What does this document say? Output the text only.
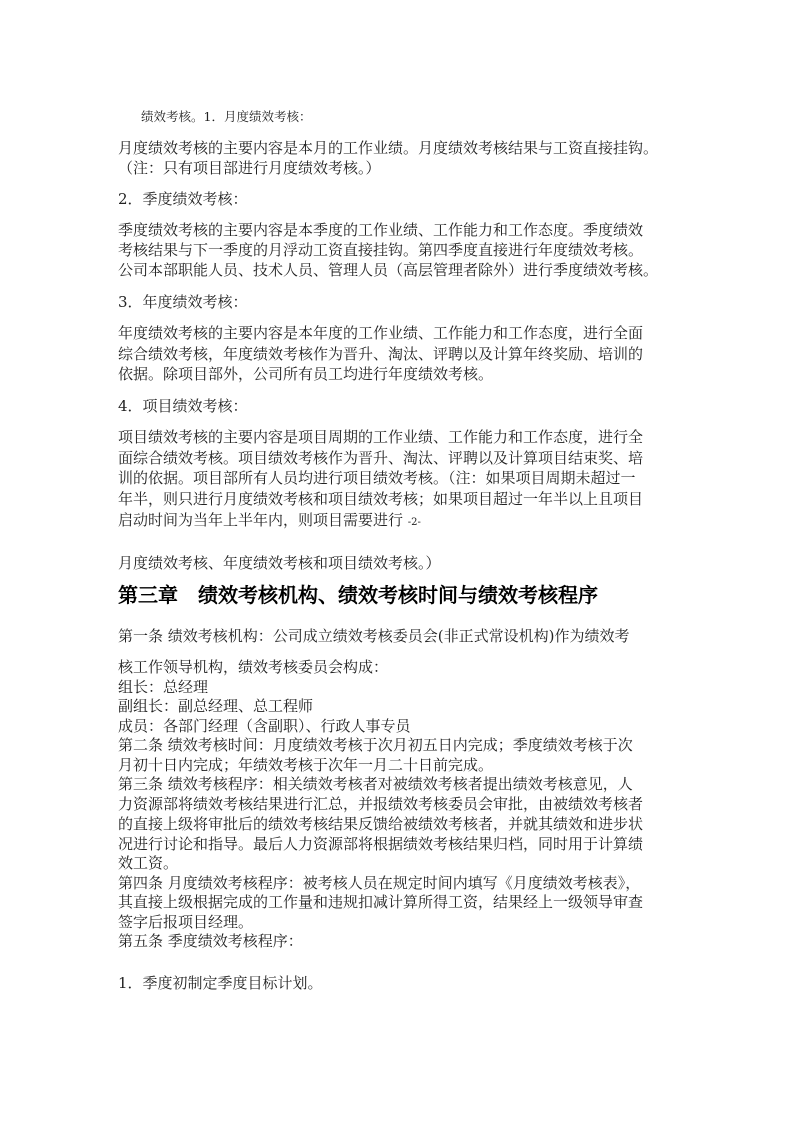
绩效考核。1．月度绩效考核：
月度绩效考核的主要内容是本月的工作业绩。月度绩效考核结果与工资直接挂钩。
（注：只有项目部进行月度绩效考核。）
2．季度绩效考核：
季度绩效考核的主要内容是本季度的工作业绩、工作能力和工作态度。季度绩效
考核结果与下一季度的月浮动工资直接挂钩。第四季度直接进行年度绩效考核。
公司本部职能人员、技术人员、管理人员（高层管理者除外）进行季度绩效考核。
3．年度绩效考核：
年度绩效考核的主要内容是本年度的工作业绩、工作能力和工作态度，进行全面
综合绩效考核，年度绩效考核作为晋升、淘汰、评聘以及计算年终奖励、培训的
依据。除项目部外，公司所有员工均进行年度绩效考核。
4．项目绩效考核：
项目绩效考核的主要内容是项目周期的工作业绩、工作能力和工作态度，进行全
面综合绩效考核。项目绩效考核作为晋升、淘汰、评聘以及计算项目结束奖、培
训的依据。项目部所有人员均进行项目绩效考核。（注：如果项目周期未超过一
年半，则只进行月度绩效考核和项目绩效考核；如果项目超过一年半以上且项目
启动时间为当年上半年内，则项目需要进行 -2-
月度绩效考核、年度绩效考核和项目绩效考核。）
第三章　绩效考核机构、绩效考核时间与绩效考核程序
第一条 绩效考核机构：公司成立绩效考核委员会(非正式常设机构)作为绩效考
核工作领导机构，绩效考核委员会构成：
组长：总经理
副组长：副总经理、总工程师
成员：各部门经理（含副职）、行政人事专员
第二条 绩效考核时间：月度绩效考核于次月初五日内完成；季度绩效考核于次
月初十日内完成；年绩效考核于次年一月二十日前完成。
第三条 绩效考核程序：相关绩效考核者对被绩效考核者提出绩效考核意见，人
力资源部将绩效考核结果进行汇总，并报绩效考核委员会审批，由被绩效考核者
的直接上级将审批后的绩效考核结果反馈给被绩效考核者，并就其绩效和进步状
况进行讨论和指导。最后人力资源部将根据绩效考核结果归档，同时用于计算绩
效工资。
第四条 月度绩效考核程序：被考核人员在规定时间内填写《月度绩效考核表》，
其直接上级根据完成的工作量和违规扣减计算所得工资，结果经上一级领导审查
签字后报项目经理。
第五条 季度绩效考核程序：
1．季度初制定季度目标计划。
